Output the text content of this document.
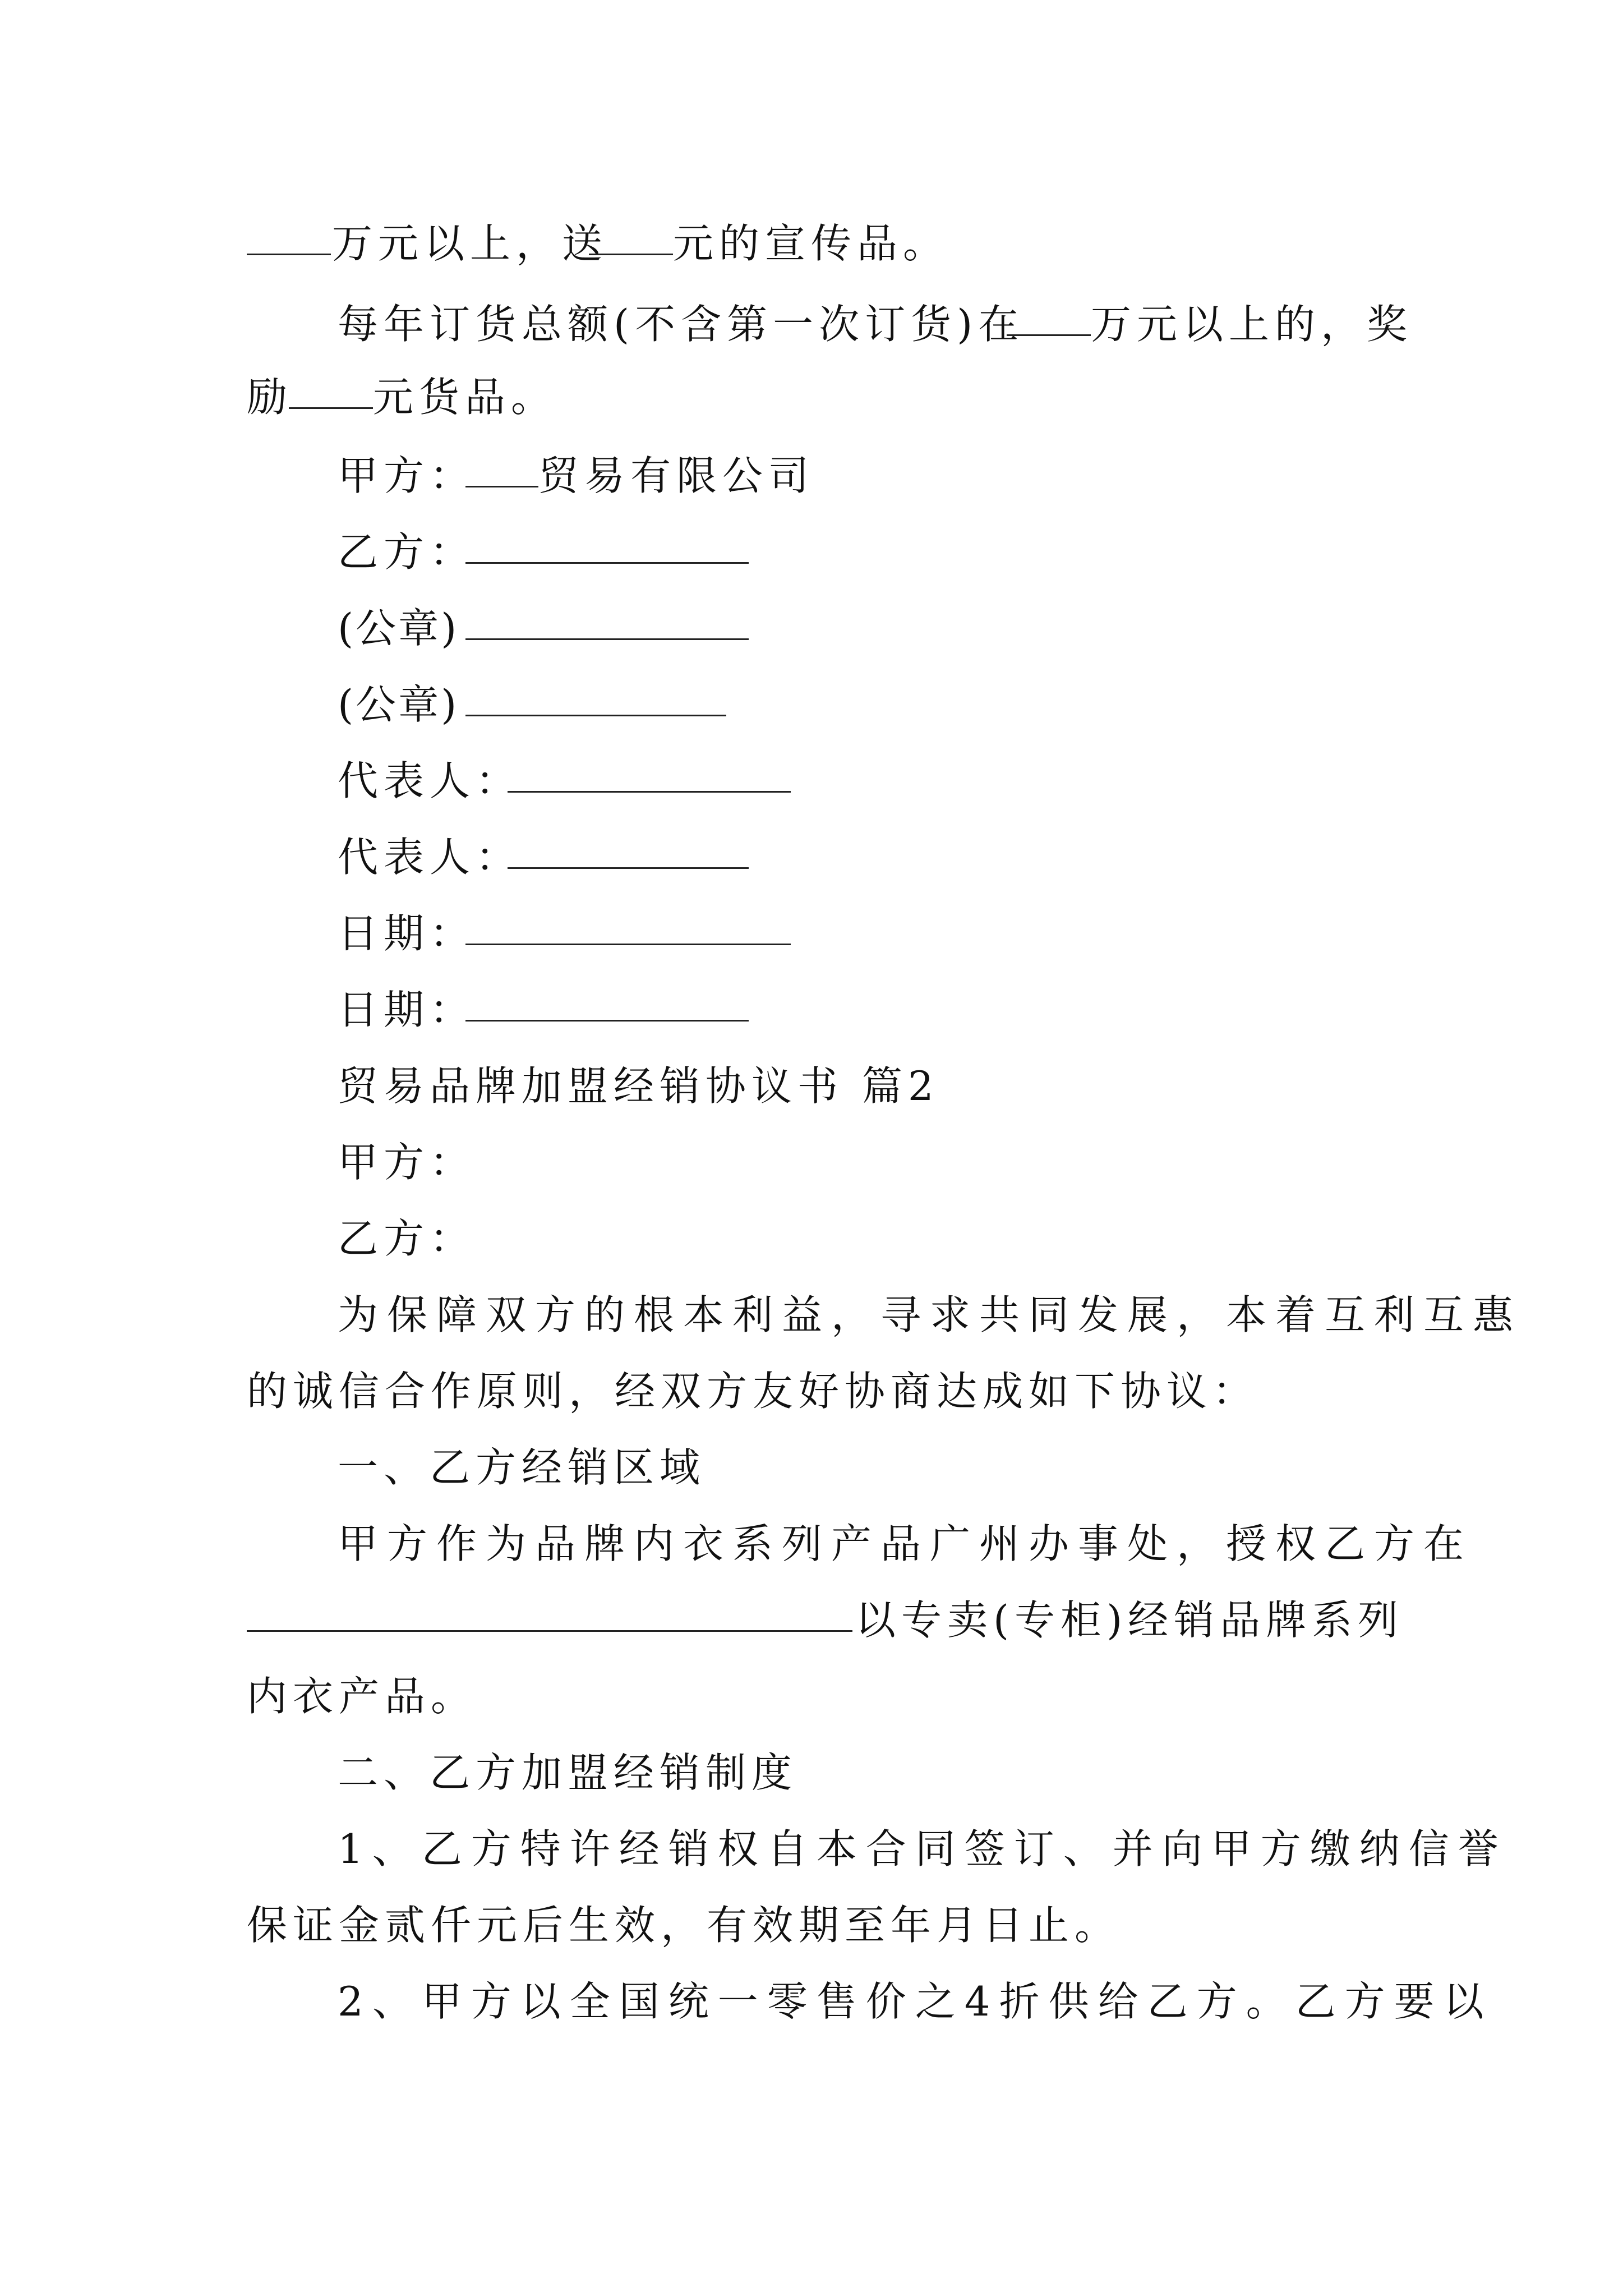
万元以上，送 元的宣传品。
每年订货总额(不含第一次订货)在 万元以上的，奖
励 元货品。
甲方： 贸易有限公司
乙方：
(公章)
(公章)
代表人：
代表人：
日期：
日期：
贸易品牌加盟经销协议书 篇2
甲方：
乙方：
为保障双方的根本利益，寻求共同发展，本着互利互惠
的诚信合作原则，经双方友好协商达成如下协议：
一、乙方经销区域
甲方作为品牌内衣系列产品广州办事处，授权乙方在
以专卖(专柜)经销品牌系列
内衣产品。
二、乙方加盟经销制度
1、乙方特许经销权自本合同签订、并向甲方缴纳信誉
保证金贰仟元后生效，有效期至年月日止。
2、甲方以全国统一零售价之4折供给乙方。乙方要以
